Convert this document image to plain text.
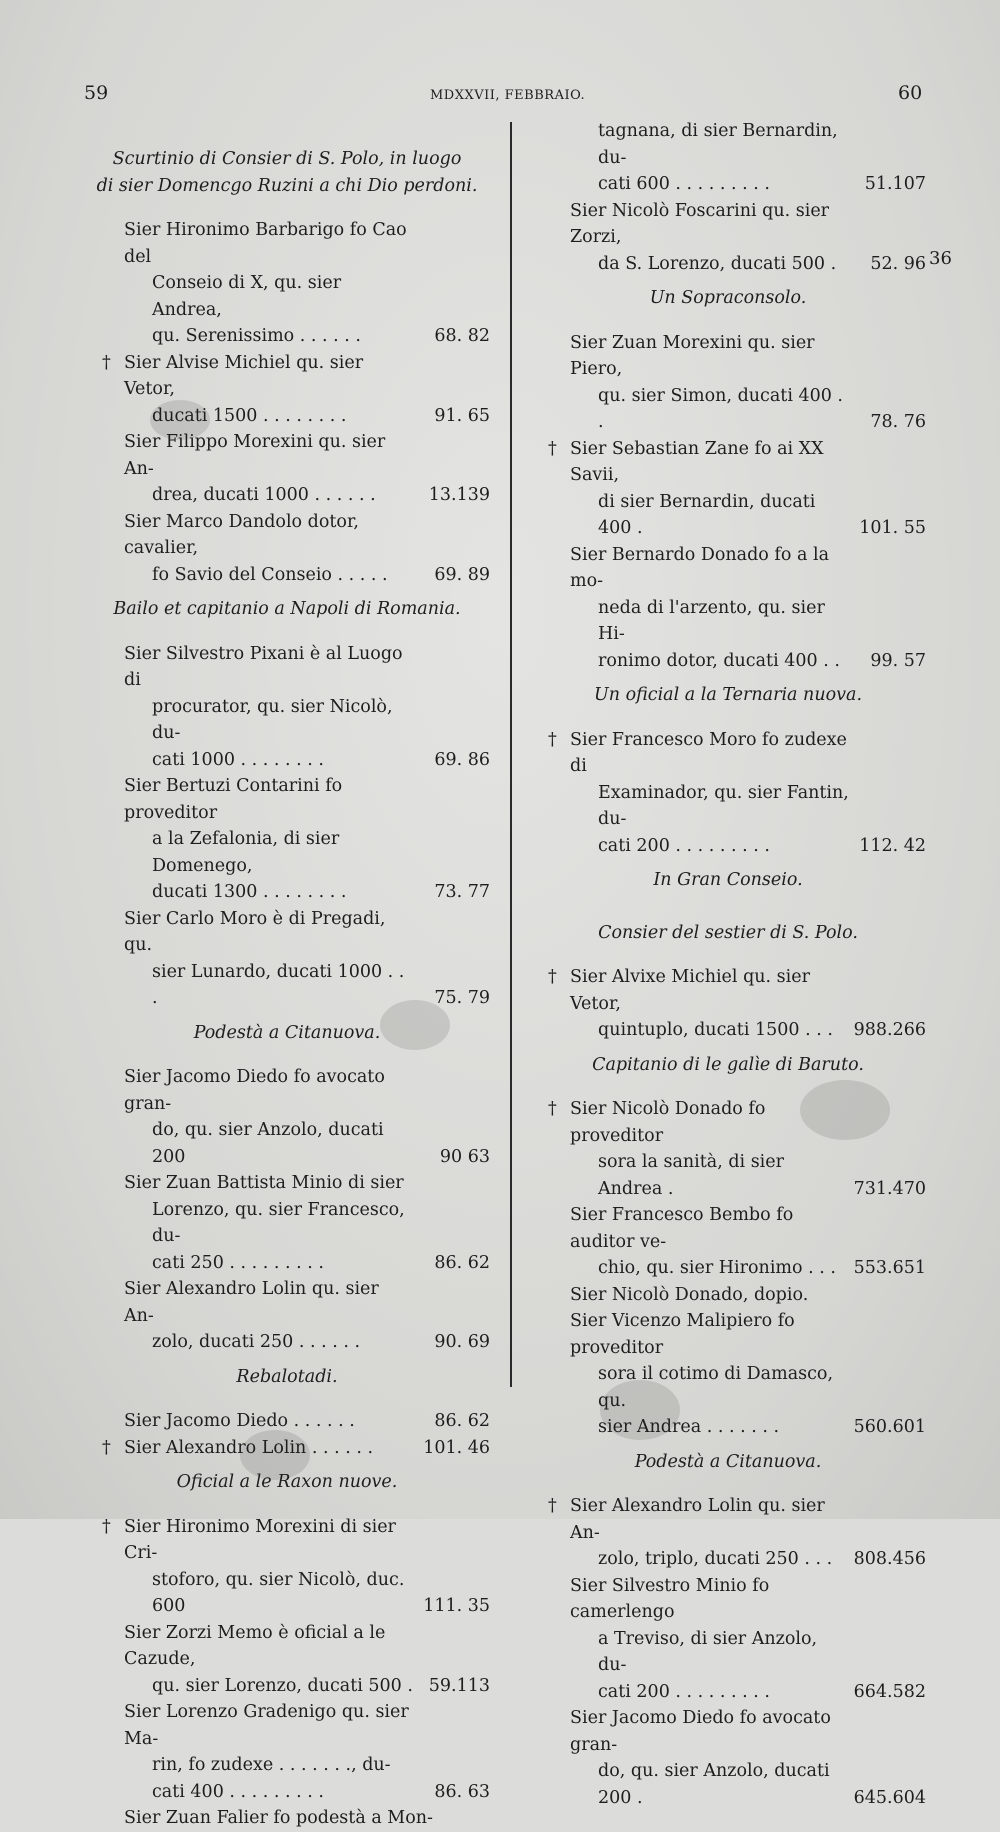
59	MDXXVII, FEBBRAIO.	60
36
Scurtinio di Consier di S. Polo, in luogo
di sier Domencgo Ruzini a chi Dio perdoni.
Sier Hironimo Barbarigo fo Cao del
Conseio di X, qu. sier Andrea,
qu. Serenissimo . . . . . .	68. 82
† Sier Alvise Michiel qu. sier Vetor,
ducati 1500 . . . . . . . .	91. 65
Sier Filippo Morexini qu. sier An-
drea, ducati 1000 . . . . . .	13.139
Sier Marco Dandolo dotor, cavalier,
fo Savio del Conseio . . . . .	69. 89
Bailo et capitanio a Napoli di Romania.
Sier Silvestro Pixani è al Luogo di
procurator, qu. sier Nicolò, du-
cati 1000 . . . . . . . .	69. 86
Sier Bertuzi Contarini fo proveditor
a la Zefalonia, di sier Domenego,
ducati 1300 . . . . . . . .	73. 77
Sier Carlo Moro è di Pregadi, qu.
sier Lunardo, ducati 1000 . . .	75. 79
Podestà a Citanuova.
Sier Jacomo Diedo fo avocato gran-
do, qu. sier Anzolo, ducati 200	90 63
Sier Zuan Battista Minio di sier
Lorenzo, qu. sier Francesco, du-
cati 250 . . . . . . . . .	86. 62
Sier Alexandro Lolin qu. sier An-
zolo, ducati 250 . . . . . .	90. 69
Rebalotadi.
Sier Jacomo Diedo . . . . . .	86. 62
† Sier Alexandro Lolin . . . . . .	101. 46
Oficial a le Raxon nuove.
† Sier Hironimo Morexini di sier Cri-
stoforo, qu. sier Nicolò, duc. 600	111. 35
Sier Zorzi Memo è oficial a le Cazude,
qu. sier Lorenzo, ducati 500 . 59.113
Sier Lorenzo Gradenigo qu. sier Ma-
rin, fo zudexe . . . . . . ., du-
cati 400 . . . . . . . . .	86. 63
Sier Zuan Falier fo podestà a Mon-
tagnana, di sier Bernardin, du-
cati 600 . . . . . . . . .	51.107
Sier Nicolò Foscarini qu. sier Zorzi,
da S. Lorenzo, ducati 500 .	52. 96
Un Sopraconsolo.
Sier Zuan Morexini qu. sier Piero,
qu. sier Simon, ducati 400 . .	78. 76
† Sier Sebastian Zane fo ai XX Savii,
di sier Bernardin, ducati 400 .	101. 55
Sier Bernardo Donado fo a la mo-
neda di l'arzento, qu. sier Hi-
ronimo dotor, ducati 400 . .	99. 57
Un oficial a la Ternaria nuova.
† Sier Francesco Moro fo zudexe di
Examinador, qu. sier Fantin, du-
cati 200 . . . . . . . . .	112. 42
In Gran Conseio.
Consier del sestier di S. Polo.
† Sier Alvixe Michiel qu. sier Vetor,
quintuplo, ducati 1500 . . .	988.266
Capitanio di le galìe di Baruto.
† Sier Nicolò Donado fo proveditor
sora la sanità, di sier Andrea .	731.470
Sier Francesco Bembo fo auditor ve-
chio, qu. sier Hironimo . . .	553.651
Sier Nicolò Donado, dopio.
Sier Vicenzo Malipiero fo proveditor
sora il cotimo di Damasco, qu.
sier Andrea . . . . . . .	560.601
Podestà a Citanuova.
† Sier Alexandro Lolin qu. sier An-
zolo, triplo, ducati 250 . . .	808.456
Sier Silvestro Minio fo camerlengo
a Treviso, di sier Anzolo, du-
cati 200 . . . . . . . . .	664.582
Sier Jacomo Diedo fo avocato gran-
do, qu. sier Anzolo, ducati 200 .	645.604
